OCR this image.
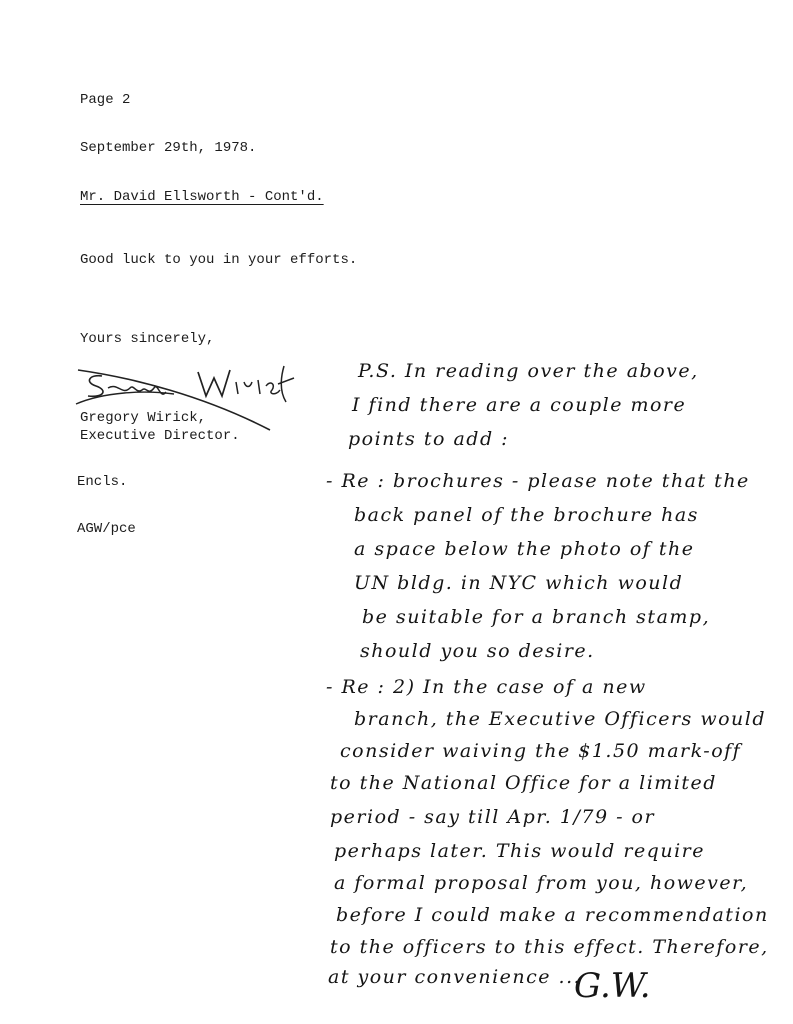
Page 2
September 29th, 1978.
Mr. David Ellsworth - Cont'd.
Good luck to you in your efforts.
Yours sincerely,
Gregory Wirick,
Executive Director.
Encls.
AGW/pce
P.S. In reading over the above,
I find there are a couple more
points to add :
- Re : brochures - please note that the
back panel of the brochure has
a space below the photo of the
UN bldg. in NYC which would
be suitable for a branch stamp,
should you so desire.
- Re : 2) In the case of a new
branch, the Executive Officers would
consider waiving the $1.50 mark-off
to the National Office for a limited
period - say till Apr. 1/79 - or
perhaps later. This would require
a formal proposal from you, however,
before I could make a recommendation
to the officers to this effect. Therefore,
at your convenience ...
G.W.
